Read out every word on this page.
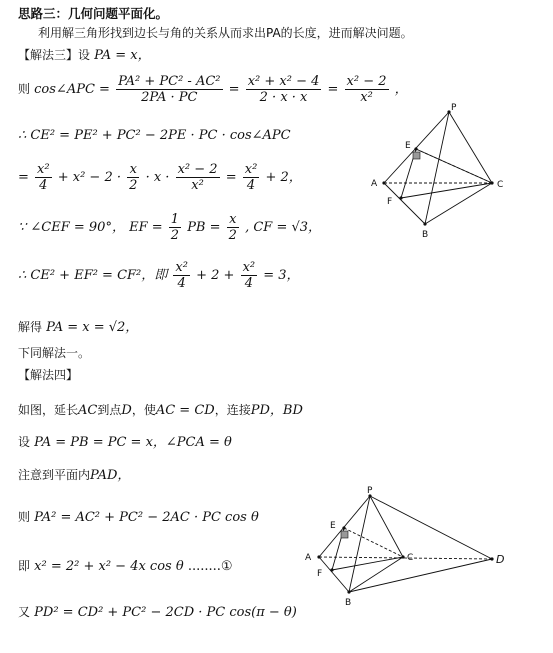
思路三：几何问题平面化。
利用解三角形找到边长与角的关系从而求出PA的长度，进而解决问题。
【解法三】设 PA = x，
则 cos∠APC = $\frac{\text{PA² + PC² - AC²}}{2PA \cdot PC} = \frac{\text{x² + x² − 4}}{2 \cdot x \cdot x} = \frac{\text{x² − 2}}{\text{x²}}$ ，
∴ CE² = PE² + PC² − 2PE · PC · cos∠APC
= $\frac{\text{x²}}{4} + x^2 - 2 \cdot \frac{x}{2} \cdot x \cdot \frac{\text{x² − 2}}{\text{x²}} = \frac{\text{x²}}{4} + 2$，
∵ ∠CEF = 90°， EF = $\frac{1}{2}$ PB = $\frac{x}{2}$ , CF = √3，
∴ CE² + EF² = CF²，即 $\frac{\text{x²}}{4} + 2 + \frac{\text{x²}}{4} = 3$，
解得 PA = x = √2，
下同解法一。
【解法四】
如图，延长AC到点D，使AC = CD，连接PD，BD
设 PA = PB = PC = x，∠PCA = θ
注意到平面内PAD，
则 PA² = AC² + PC² − 2AC · PC cos θ
即 x² = 2² + x² − 4x cos θ ........①
又 PD² = CD² + PC² − 2CD · PC cos(π − θ)
P
E
A
F
C
B
P
E
A
F
C
B
D
